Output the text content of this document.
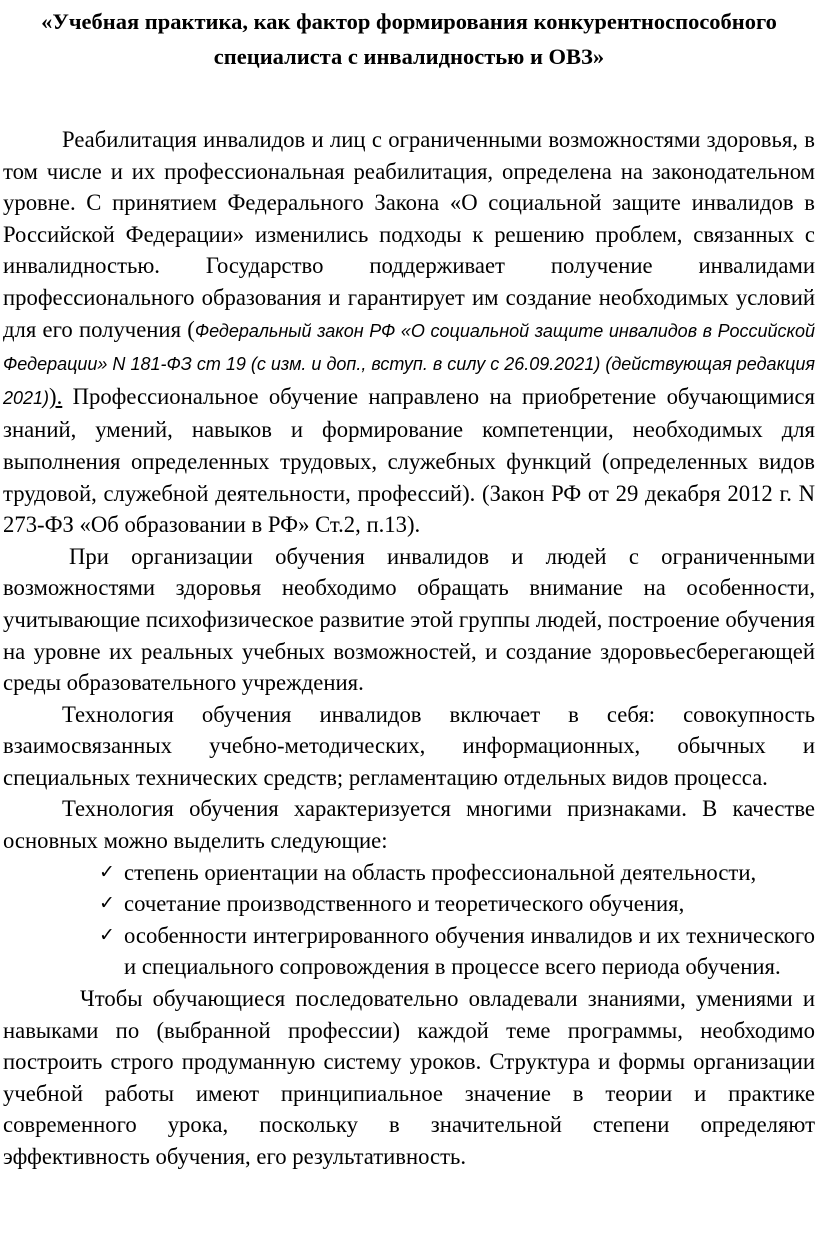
«Учебная практика, как фактор формирования конкурентноспособного специалиста с инвалидностью и ОВЗ»

Реабилитация инвалидов и лиц с ограниченными возможностями здоровья, в том числе и их профессиональная реабилитация, определена на законодательном уровне. С принятием Федерального Закона «О социальной защите инвалидов в Российской Федерации» изменились подходы к решению проблем, связанных с инвалидностью. Государство поддерживает получение инвалидами профессионального образования и гарантирует им создание необходимых условий для его получения (Федеральный закон РФ «О социальной защите инвалидов в Российской Федерации» N 181-ФЗ ст 19 (с изм. и доп., вступ. в силу с 26.09.2021) (действующая редакция 2021)). Профессиональное обучение направлено на приобретение обучающимися знаний, умений, навыков и формирование компетенции, необходимых для выполнения определенных трудовых, служебных функций (определенных видов трудовой, служебной деятельности, профессий). (Закон РФ от 29 декабря 2012 г. N 273-ФЗ «Об образовании в РФ» Ст.2, п.13).

При организации обучения инвалидов и людей с ограниченными возможностями здоровья необходимо обращать внимание на особенности, учитывающие психофизическое развитие этой группы людей, построение обучения на уровне их реальных учебных возможностей, и создание здоровьесберегающей среды образовательного учреждения.

Технология обучения инвалидов включает в себя: совокупность взаимосвязанных учебно-методических, информационных, обычных и специальных технических средств; регламентацию отдельных видов процесса.

Технология обучения характеризуется многими признаками. В качестве основных можно выделить следующие:

✓ степень ориентации на область профессиональной деятельности,
✓ сочетание производственного и теоретического обучения,
✓ особенности интегрированного обучения инвалидов и их технического и специального сопровождения в процессе всего периода обучения.

Чтобы обучающиеся последовательно овладевали знаниями, умениями и навыками по (выбранной профессии) каждой теме программы, необходимо построить строго продуманную систему уроков. Структура и формы организации учебной работы имеют принципиальное значение в теории и практике современного урока, поскольку в значительной степени определяют эффективность обучения, его результативность.
